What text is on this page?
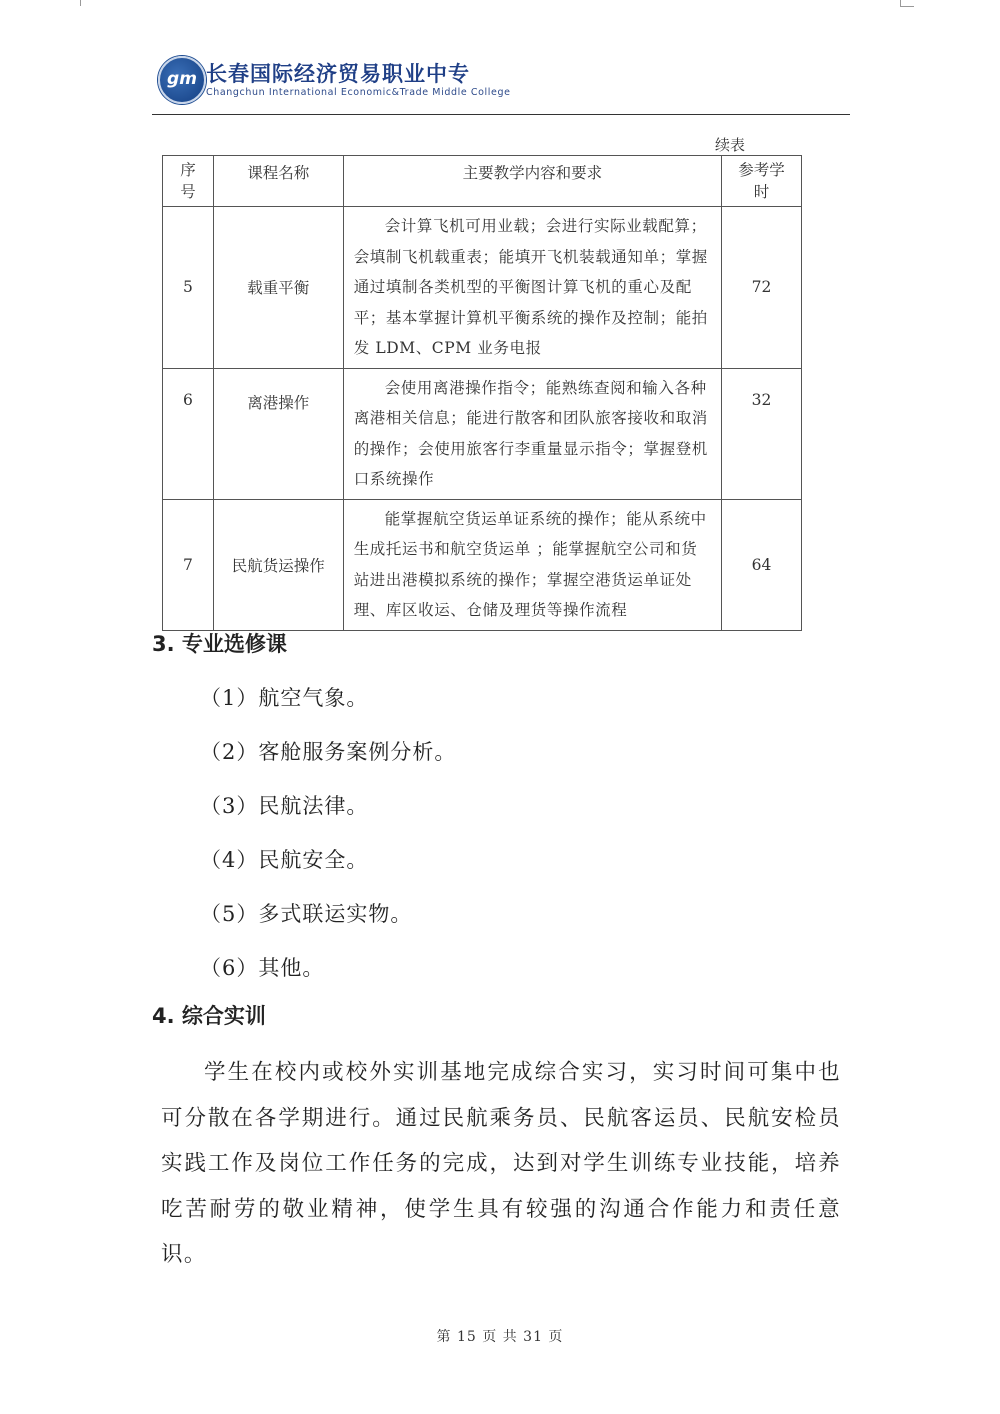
gm 长春国际经济贸易职业中专
Changchun International Economic&Trade Middle College
续表
序号	课程名称	主要教学内容和要求	参考学时

5	载重平衡	会计算飞机可用业载；会进行实际业载配算；会填制飞机载重表；能填开飞机装载通知单；掌握通过填制各类机型的平衡图计算飞机的重心及配平；基本掌握计算机平衡系统的操作及控制；能拍发 LDM、CPM 业务电报	72
6	离港操作	会使用离港操作指令；能熟练查阅和输入各种离港相关信息；能进行散客和团队旅客接收和取消的操作；会使用旅客行李重量显示指令；掌握登机口系统操作	32
7	民航货运操作	能掌握航空货运单证系统的操作；能从系统中生成托运书和航空货运单 ；能掌握航空公司和货站进出港模拟系统的操作；掌握空港货运单证处理、库区收运、仓储及理货等操作流程	64
3. 专业选修课
（1）航空气象。
（2）客舱服务案例分析。
（3）民航法律。
（4）民航安全。
（5）多式联运实物。
（6）其他。
4. 综合实训
学生在校内或校外实训基地完成综合实习，实习时间可集中也可分散在各学期进行。通过民航乘务员、民航客运员、民航安检员实践工作及岗位工作任务的完成，达到对学生训练专业技能，培养吃苦耐劳的敬业精神，使学生具有较强的沟通合作能力和责任意识。
第 15 页 共 31 页
